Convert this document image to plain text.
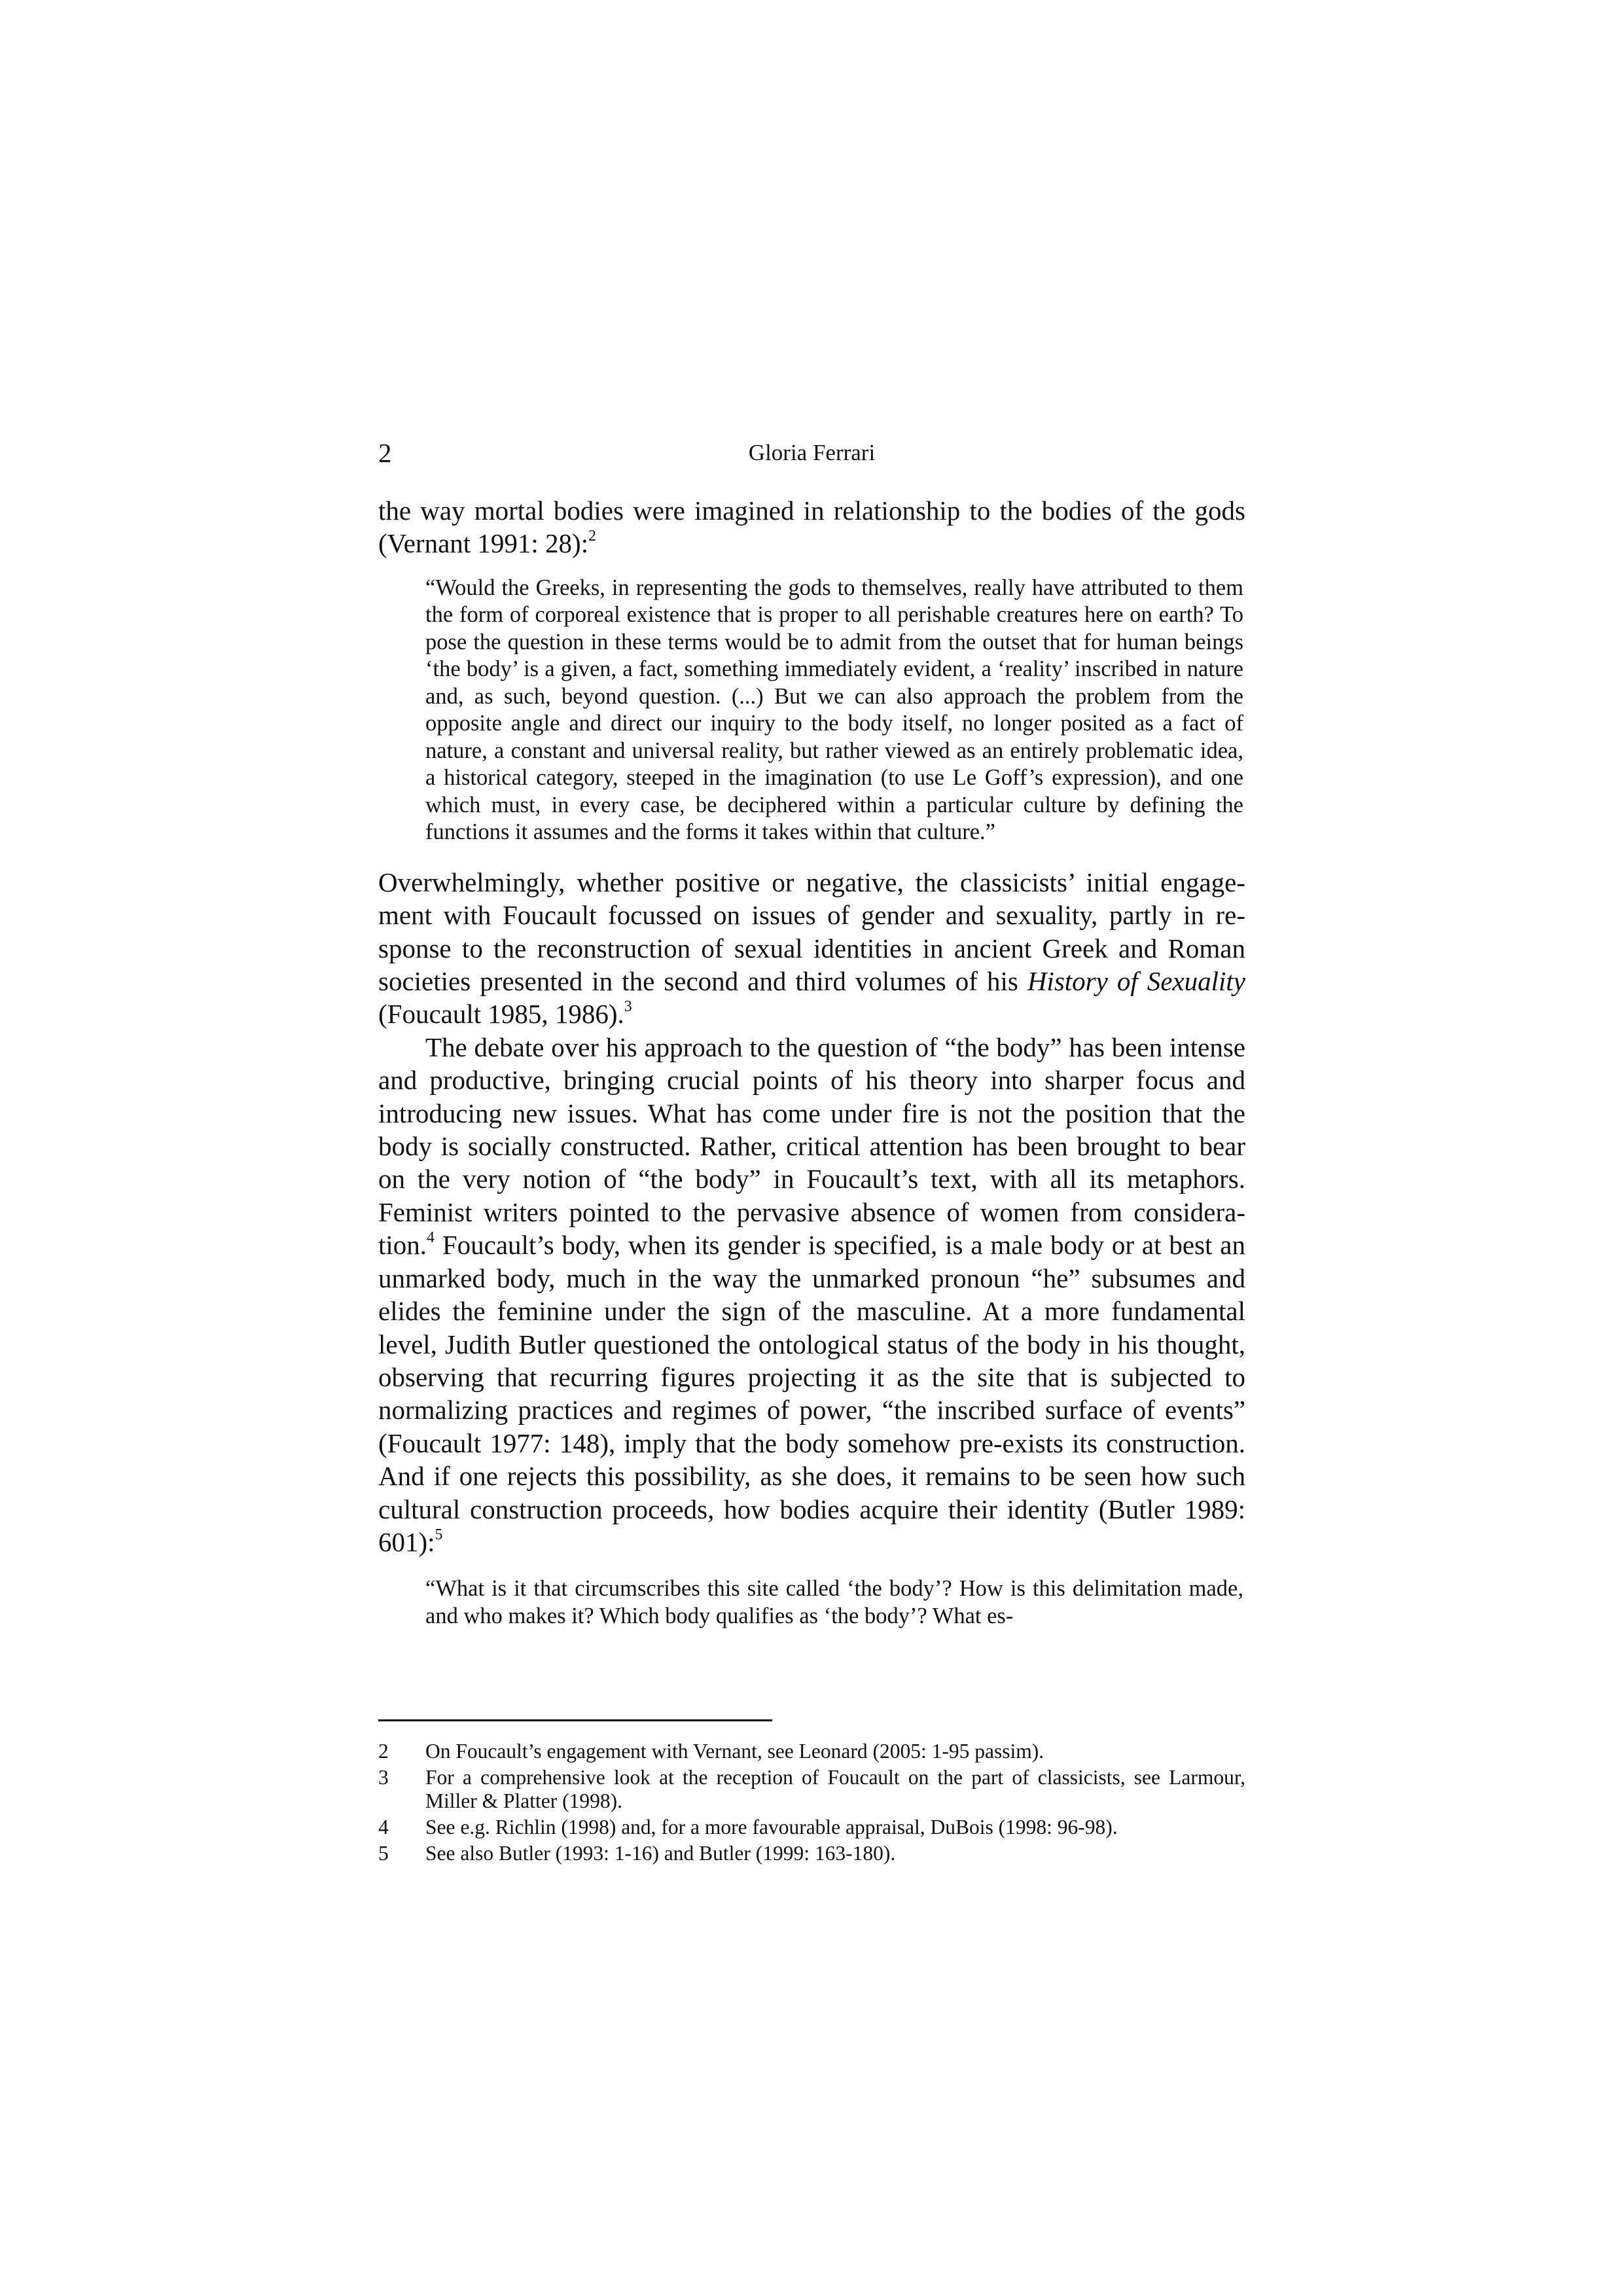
2	Gloria Ferrari

the way mortal bodies were imagined in relationship to the bodies of the gods (Vernant 1991: 28):$^2$

“Would the Greeks, in representing the gods to themselves, really have attributed to them the form of corporeal existence that is proper to all perishable creatures here on earth? To pose the question in these terms would be to admit from the outset that for human beings ‘the body’ is a given, a fact, something immediately evident, a ‘reality’ inscribed in nature and, as such, beyond question. (...) But we can also approach the problem from the opposite angle and direct our inquiry to the body itself, no longer posited as a fact of nature, a constant and universal reality, but rather viewed as an entirely problematic idea, a historical category, steeped in the imagination (to use Le Goff’s expression), and one which must, in every case, be deciphered within a particular culture by defining the functions it assumes and the forms it takes within that culture.”

Overwhelmingly, whether positive or negative, the classicists’ initial engagement with Foucault focussed on issues of gender and sexuality, partly in response to the reconstruction of sexual identities in ancient Greek and Roman societies presented in the second and third volumes of his History of Sexuality (Foucault 1985, 1986).$^3$

The debate over his approach to the question of “the body” has been intense and productive, bringing crucial points of his theory into sharper focus and introducing new issues. What has come under fire is not the position that the body is socially constructed. Rather, critical attention has been brought to bear on the very notion of “the body” in Foucault’s text, with all its metaphors. Feminist writers pointed to the pervasive absence of women from consideration.$^4$ Foucault’s body, when its gender is specified, is a male body or at best an unmarked body, much in the way the unmarked pronoun “he” subsumes and elides the feminine under the sign of the masculine. At a more fundamental level, Judith Butler questioned the ontological status of the body in his thought, observing that recurring figures projecting it as the site that is subjected to normalizing practices and regimes of power, “the inscribed surface of events” (Foucault 1977: 148), imply that the body somehow pre-exists its construction. And if one rejects this possibility, as she does, it remains to be seen how such cultural construction proceeds, how bodies acquire their identity (Butler 1989: 601):$^5$

“What is it that circumscribes this site called ‘the body’? How is this delimitation made, and who makes it? Which body qualifies as ‘the body’? What es-
2	On Foucault’s engagement with Vernant, see Leonard (2005: 1-95 passim).
3	For a comprehensive look at the reception of Foucault on the part of classicists, see Larmour, Miller & Platter (1998).
4	See e.g. Richlin (1998) and, for a more favourable appraisal, DuBois (1998: 96-98).
5	See also Butler (1993: 1-16) and Butler (1999: 163-180).
